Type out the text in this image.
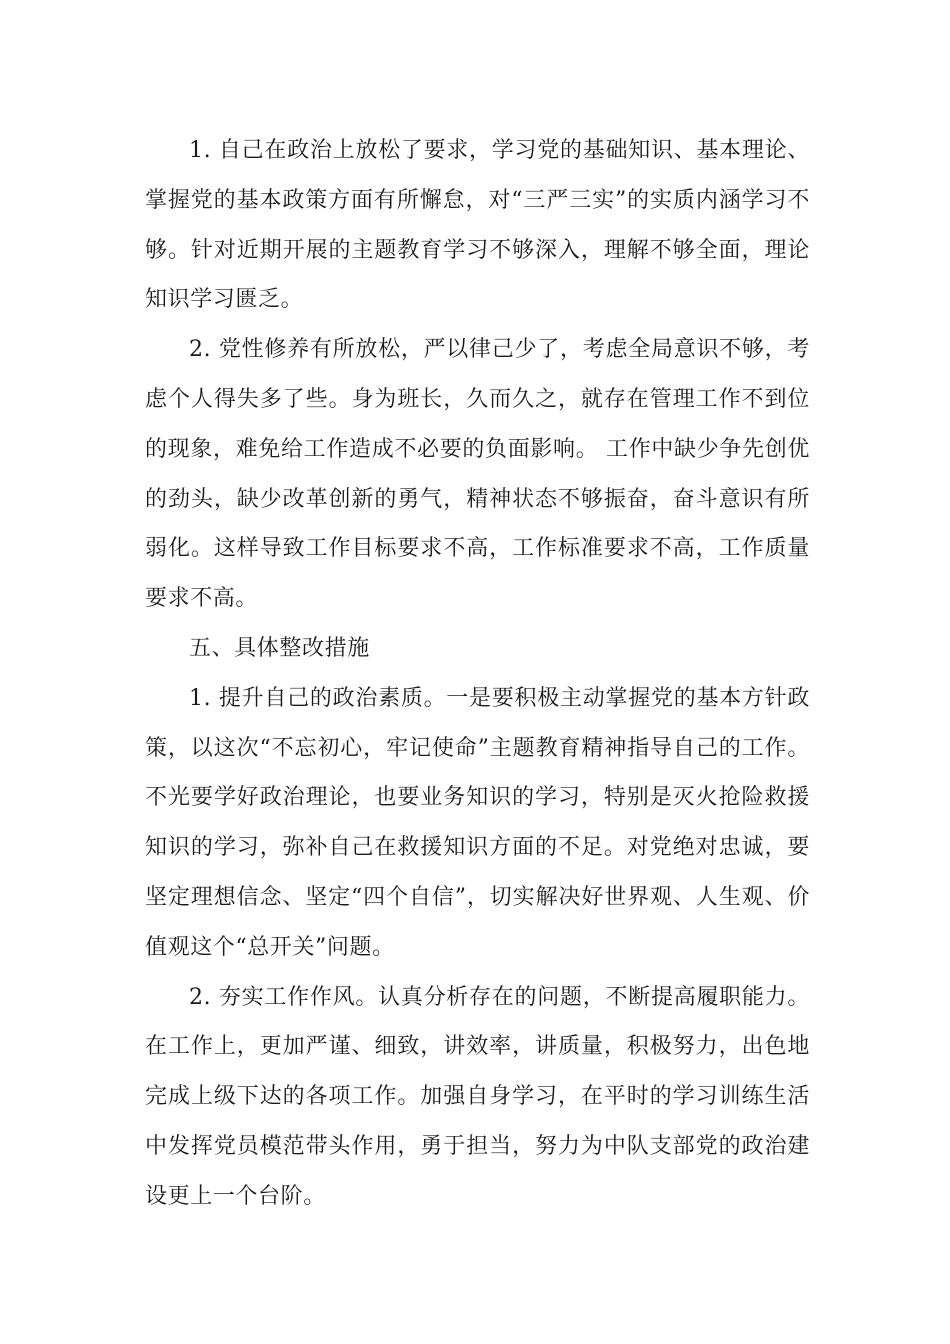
1. 自己在政治上放松了要求，学习党的基础知识、基本理论、掌握党的基本政策方面有所懈怠，对“三严三实”的实质内涵学习不够。针对近期开展的主题教育学习不够深入，理解不够全面，理论知识学习匮乏。

2. 党性修养有所放松，严以律己少了，考虑全局意识不够，考虑个人得失多了些。身为班长，久而久之，就存在管理工作不到位的现象，难免给工作造成不必要的负面影响。 工作中缺少争先创优的劲头，缺少改革创新的勇气，精神状态不够振奋，奋斗意识有所弱化。这样导致工作目标要求不高，工作标准要求不高，工作质量要求不高。

五、具体整改措施

1. 提升自己的政治素质。一是要积极主动掌握党的基本方针政策，以这次“不忘初心，牢记使命”主题教育精神指导自己的工作。不光要学好政治理论，也要业务知识的学习，特别是灭火抢险救援知识的学习，弥补自己在救援知识方面的不足。对党绝对忠诚，要坚定理想信念、坚定“四个自信”，切实解决好世界观、人生观、价值观这个“总开关”问题。

2. 夯实工作作风。认真分析存在的问题，不断提高履职能力。在工作上，更加严谨、细致，讲效率，讲质量，积极努力，出色地完成上级下达的各项工作。加强自身学习，在平时的学习训练生活中发挥党员模范带头作用，勇于担当，努力为中队支部党的政治建设更上一个台阶。
